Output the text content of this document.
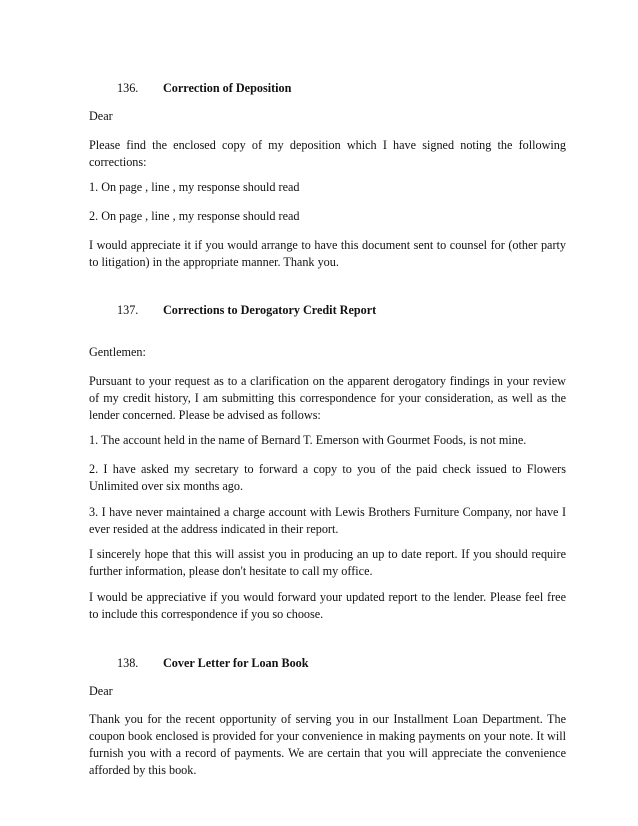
136. Correction of Deposition

Dear

Please find the enclosed copy of my deposition which I have signed noting the following corrections:

1. On page , line , my response should read

2. On page , line , my response should read

I would appreciate it if you would arrange to have this document sent to counsel for (other party to litigation) in the appropriate manner. Thank you.

137. Corrections to Derogatory Credit Report

Gentlemen:

Pursuant to your request as to a clarification on the apparent derogatory findings in your review of my credit history, I am submitting this correspondence for your consideration, as well as the lender concerned. Please be advised as follows:

1. The account held in the name of Bernard T. Emerson with Gourmet Foods, is not mine.

2. I have asked my secretary to forward a copy to you of the paid check issued to Flowers Unlimited over six months ago.

3. I have never maintained a charge account with Lewis Brothers Furniture Company, nor have I ever resided at the address indicated in their report.

I sincerely hope that this will assist you in producing an up to date report. If you should require further information, please don't hesitate to call my office.

I would be appreciative if you would forward your updated report to the lender. Please feel free to include this correspondence if you so choose.

138. Cover Letter for Loan Book

Dear

Thank you for the recent opportunity of serving you in our Installment Loan Department. The coupon book enclosed is provided for your convenience in making payments on your note. It will furnish you with a record of payments. We are certain that you will appreciate the convenience afforded by this book.
